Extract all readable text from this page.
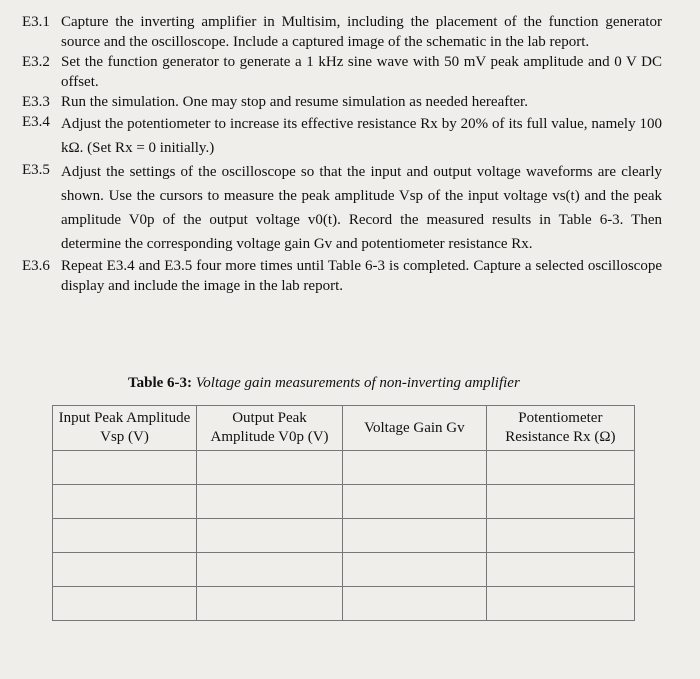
E3.1 Capture the inverting amplifier in Multisim, including the placement of the function generator source and the oscilloscope. Include a captured image of the schematic in the lab report.
E3.2 Set the function generator to generate a 1 kHz sine wave with 50 mV peak amplitude and 0 V DC offset.
E3.3 Run the simulation. One may stop and resume simulation as needed hereafter.
E3.4 Adjust the potentiometer to increase its effective resistance Rx by 20% of its full value, namely 100 kΩ. (Set Rx = 0 initially.)
E3.5 Adjust the settings of the oscilloscope so that the input and output voltage waveforms are clearly shown. Use the cursors to measure the peak amplitude Vsp of the input voltage vs(t) and the peak amplitude V0p of the output voltage v0(t). Record the measured results in Table 6-3. Then determine the corresponding voltage gain Gv and potentiometer resistance Rx.
E3.6 Repeat E3.4 and E3.5 four more times until Table 6-3 is completed. Capture a selected oscilloscope display and include the image in the lab report.
Table 6-3: Voltage gain measurements of non-inverting amplifier
Input Peak Amplitude Vsp (V)	Output Peak Amplitude V0p (V)	Voltage Gain Gv	Potentiometer Resistance Rx (Ω)
